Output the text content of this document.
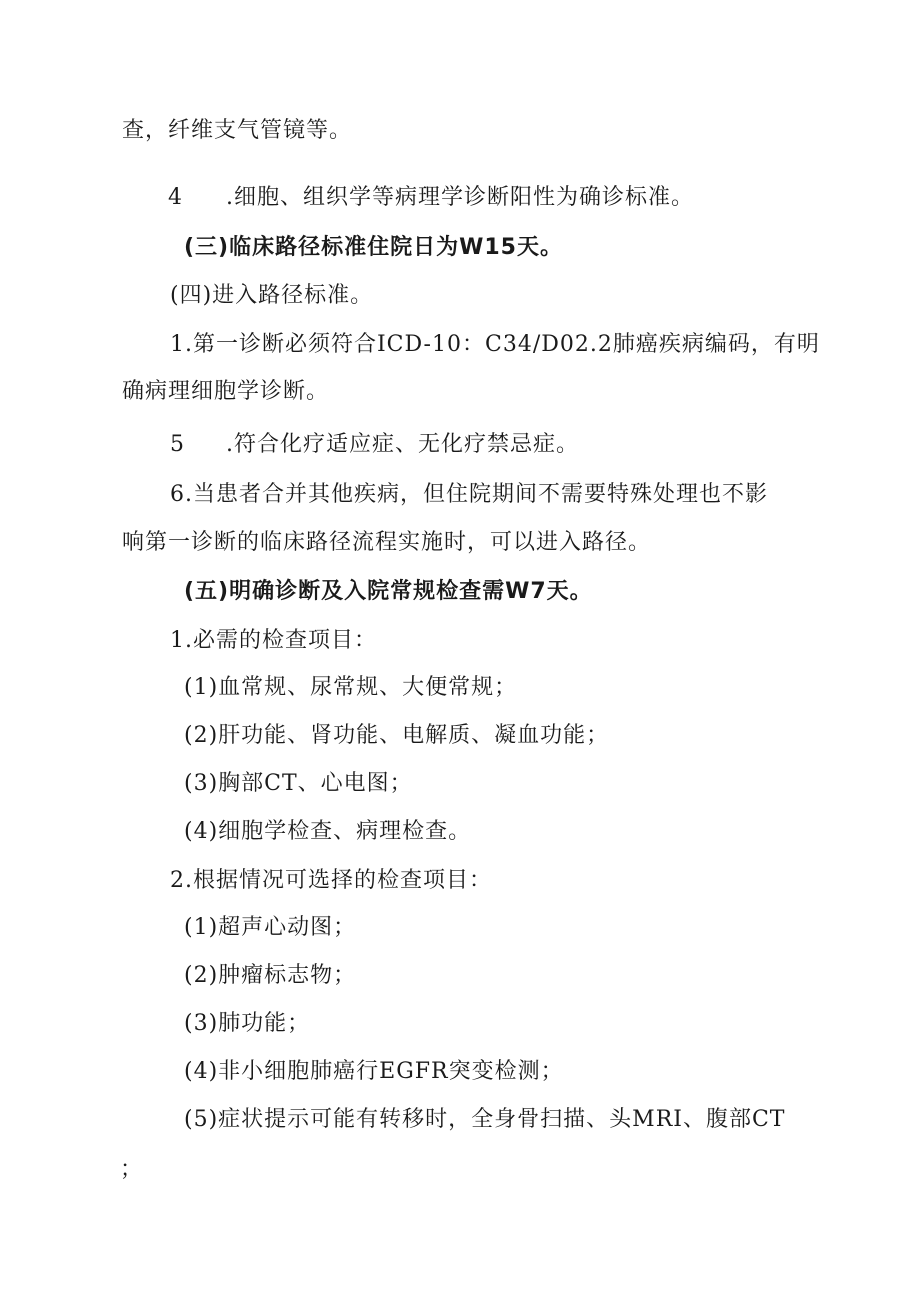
查，纤维支气管镜等。
4 .细胞、组织学等病理学诊断阳性为确诊标准。
(三)临床路径标准住院日为W15天。
(四)进入路径标准。
1.第一诊断必须符合ICD-10：C34/D02.2肺癌疾病编码，有明
确病理细胞学诊断。
5 .符合化疗适应症、无化疗禁忌症。
6.当患者合并其他疾病，但住院期间不需要特殊处理也不影
响第一诊断的临床路径流程实施时，可以进入路径。
(五)明确诊断及入院常规检查需W7天。
1.必需的检查项目：
(1)血常规、尿常规、大便常规；
(2)肝功能、肾功能、电解质、凝血功能；
(3)胸部CT、心电图；
(4)细胞学检查、病理检查。
2.根据情况可选择的检查项目：
(1)超声心动图；
(2)肿瘤标志物；
(3)肺功能；
(4)非小细胞肺癌行EGFR突变检测；
(5)症状提示可能有转移时，全身骨扫描、头MRI、腹部CT
；
